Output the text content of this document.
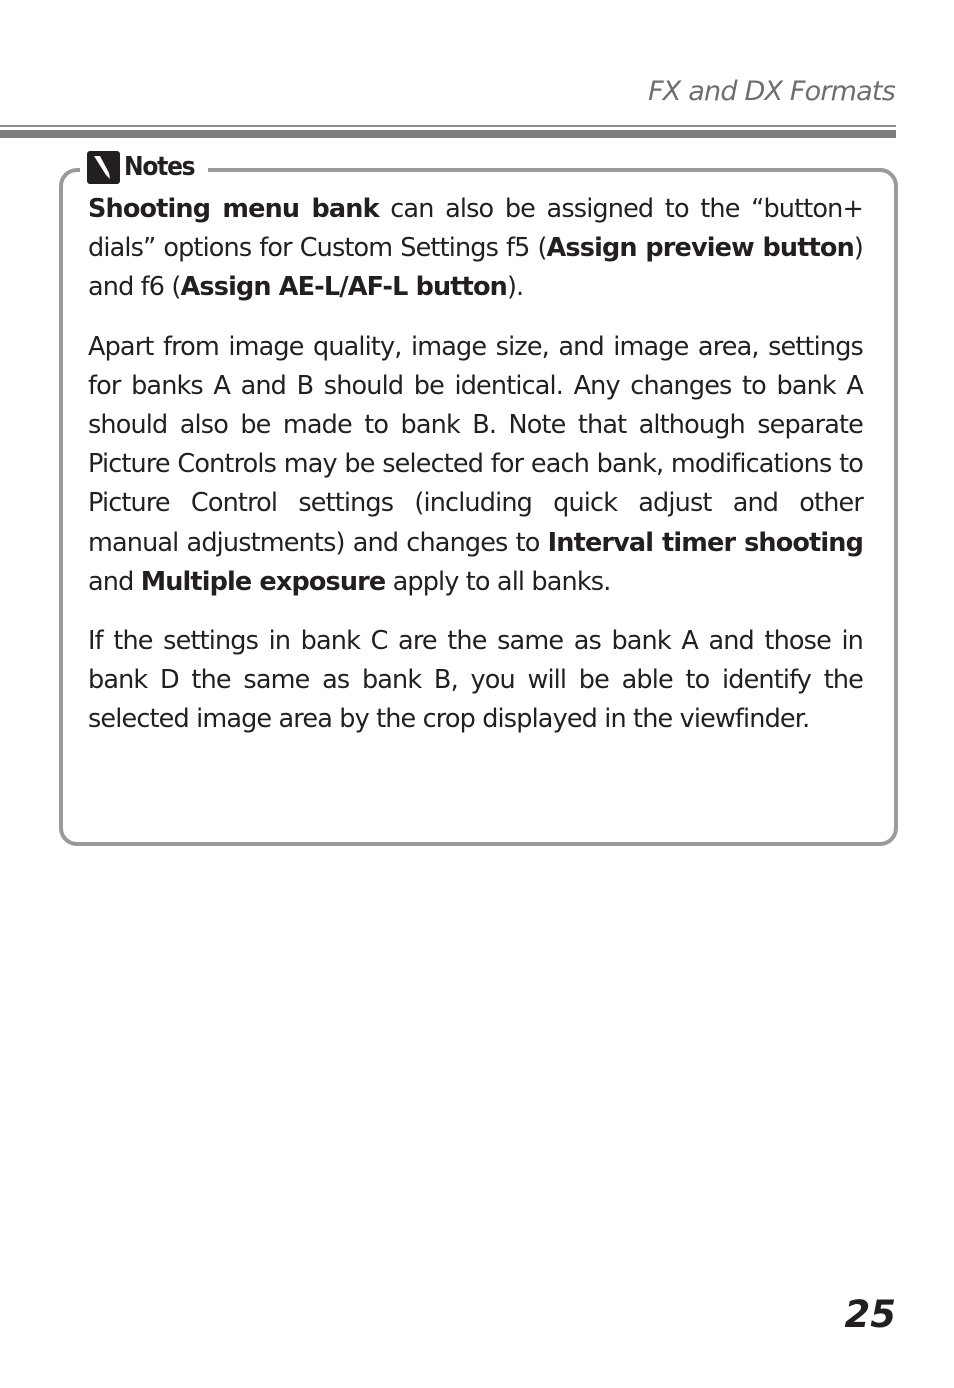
FX and DX Formats
Notes

Shooting menu bank can also be assigned to the “button+ dials” options for Custom Settings f5 (Assign preview button) and f6 (Assign AE-L/AF-L button).

Apart from image quality, image size, and image area, settings for banks A and B should be identical. Any changes to bank A should also be made to bank B. Note that although separate Picture Controls may be selected for each bank, modifications to Picture Control settings (including quick adjust and other manual adjustments) and changes to Interval timer shooting and Multiple exposure apply to all banks.

If the settings in bank C are the same as bank A and those in bank D the same as bank B, you will be able to identify the selected image area by the crop displayed in the viewfinder.

25
